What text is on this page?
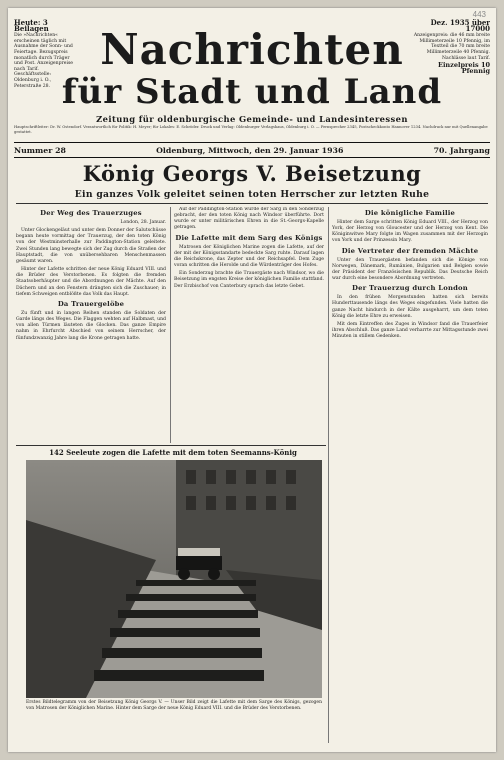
443
Heute: 3 Beilagen
Die »Nachrichten« erscheinen täglich mit Ausnahme der Sonn- und Feiertage. Bezugspreis monatlich durch Träger und Post. Anzeigenpreise nach Tarif. Geschäftsstelle: Oldenburg i. O., Peterstraße 28.
Dez. 1935 über 17000
Anzeigenpreis: die 46 mm breite Millimeterzeile 10 Pfennig, im Textteil die 70 mm breite Millimeterzeile 40 Pfennig. Nachlässe laut Tarif.
Einzelpreis 10 Pfennig
Nachrichten
für Stadt und Land
Zeitung für oldenburgische Gemeinde- und Landesinteressen
Hauptschriftleiter: Dr. W. Ostendorf. Verantwortlich für Politik: H. Meyer; für Lokales: E. Schröder. Druck und Verlag: Oldenburger Verlagshaus, Oldenburg i. O. — Fernsprecher 2345, Postscheckkonto Hannover 1234. Nachdruck nur mit Quellenangabe gestattet.
Nummer 28	Oldenburg, Mittwoch, den 29. Januar 1936	70. Jahrgang
König Georgs V. Beisetzung
Ein ganzes Volk geleitet seinen toten Herrscher zur letzten Ruhe
Der Weg des Trauerzuges

London, 28. Januar.

Unter Glockengeläut und unter dem Donner der Salutschüsse begann heute vormittag der Trauerzug, der den toten König von der Westminsterhalle zur Paddington-Station geleitete. Zwei Stunden lang bewegte sich der Zug durch die Straßen der Hauptstadt, die von unübersehbaren Menschenmassen gesäumt waren.

Hinter der Lafette schritten der neue König Eduard VIII. und die Brüder des Verstorbenen. Es folgten die fremden Staatsoberhäupter und die Abordnungen der Mächte. Auf den Dächern und an den Fenstern drängten sich die Zuschauer; in tiefem Schweigen entblößte das Volk das Haupt.

Da Trauergelöbe

Zu fünft und in langen Reihen standen die Soldaten der Garde längs des Weges. Die Flaggen wehten auf Halbmast, und von allen Türmen läuteten die Glocken. Das ganze Empire nahm in Ehrfurcht Abschied von seinem Herrscher, der fünfundzwanzig Jahre lang die Krone getragen hatte.

Auf der Paddington-Station wurde der Sarg in den Sonderzug gebracht, der den toten König nach Windsor überführte. Dort wurde er unter militärischen Ehren in die St.-Georgs-Kapelle getragen.

Die Lafette mit dem Sarg des Königs

Matrosen der Königlichen Marine zogen die Lafette, auf der der mit der Königsstandarte bedeckte Sarg ruhte. Darauf lagen die Reichskrone, das Zepter und der Reichsapfel. Dem Zuge voran schritten die Herolde und die Würdenträger des Hofes.

Ein Sonderzug brachte die Trauergäste nach Windsor, wo die Beisetzung im engsten Kreise der königlichen Familie stattfand. Der Erzbischof von Canterbury sprach das letzte Gebet.

Die königliche Familie

Hinter dem Sarge schritten König Eduard VIII., der Herzog von York, der Herzog von Gloucester und der Herzog von Kent. Die Königinwitwe Mary folgte im Wagen zusammen mit der Herzogin von York und der Prinzessin Mary.

Die Vertreter der fremden Mächte

Unter den Trauergästen befanden sich die Könige von Norwegen, Dänemark, Rumänien, Bulgarien und Belgien sowie der Präsident der Französischen Republik. Das Deutsche Reich war durch eine besondere Abordnung vertreten.

Der Trauerzug durch London

In den frühen Morgenstunden hatten sich bereits Hunderttausende längs des Weges eingefunden. Viele hatten die ganze Nacht hindurch in der Kälte ausgeharrt, um dem toten König die letzte Ehre zu erweisen.

Mit dem Eintreffen des Zuges in Windsor fand die Trauerfeier ihren Abschluß. Das ganze Land verharrte zur Mittagsstunde zwei Minuten in stillem Gedenken.

142 Seeleute zogen die Lafette mit dem toten Seemanns-König
Erstes Bildtelegramm von der Beisetzung König Georgs V. — Unser Bild zeigt die Lafette mit dem Sarge des Königs, gezogen von Matrosen der Königlichen Marine. Hinter dem Sarge der neue König Eduard VIII. und die Brüder des Verstorbenen.
